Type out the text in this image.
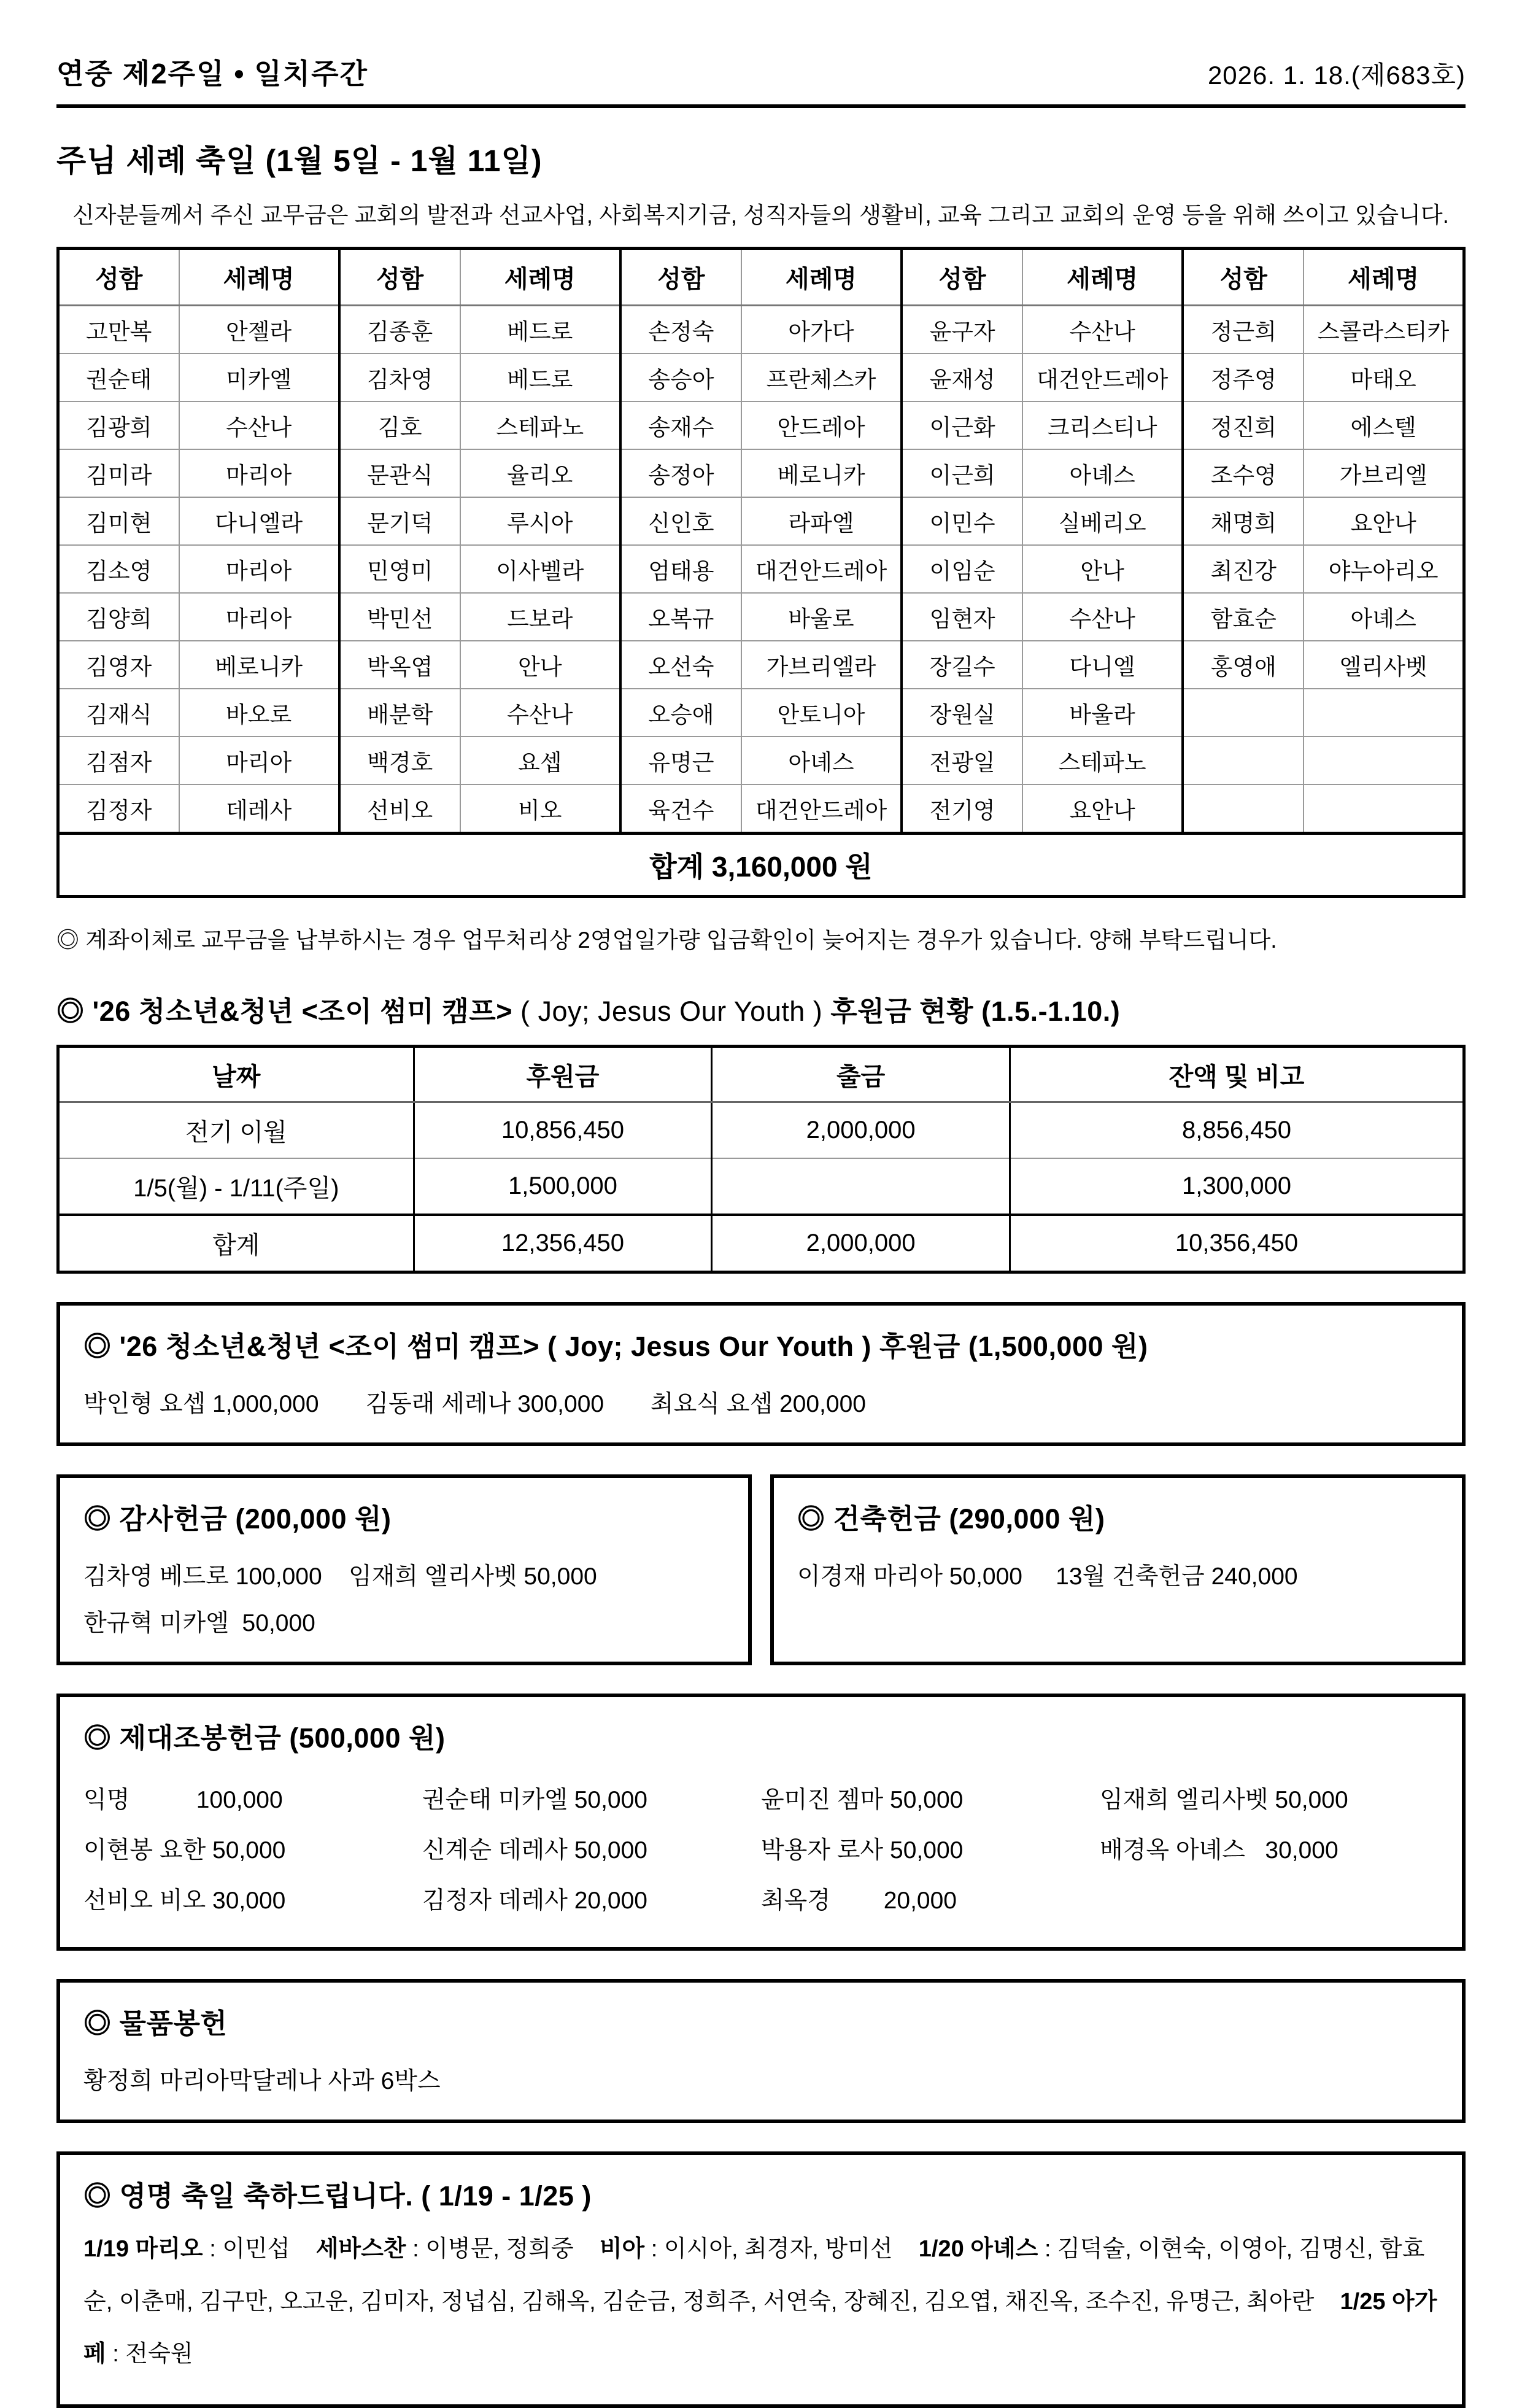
연중 제2주일 • 일치주간	2026. 1. 18.(제683호)
주님 세례 축일 (1월 5일 - 1월 11일)

신자분들께서 주신 교무금은 교회의 발전과 선교사업, 사회복지기금, 성직자들의 생활비, 교육 그리고 교회의 운영 등을 위해 쓰이고 있습니다.

성함	세례명	성함	세례명	성함	세례명	성함	세례명	성함	세례명
고만복	안젤라	김종훈	베드로	손정숙	아가다	윤구자	수산나	정근희	스콜라스티카
권순태	미카엘	김차영	베드로	송승아	프란체스카	윤재성	대건안드레아	정주영	마태오
김광희	수산나	김호	스테파노	송재수	안드레아	이근화	크리스티나	정진희	에스텔
김미라	마리아	문관식	율리오	송정아	베로니카	이근희	아녜스	조수영	가브리엘
김미현	다니엘라	문기덕	루시아	신인호	라파엘	이민수	실베리오	채명희	요안나
김소영	마리아	민영미	이사벨라	엄태용	대건안드레아	이임순	안나	최진강	야누아리오
김양희	마리아	박민선	드보라	오복규	바울로	임현자	수산나	함효순	아녜스
김영자	베로니카	박옥엽	안나	오선숙	가브리엘라	장길수	다니엘	홍영애	엘리사벳
김재식	바오로	배분학	수산나	오승애	안토니아	장원실	바울라		
김점자	마리아	백경호	요셉	유명근	아녜스	전광일	스테파노		
김정자	데레사	선비오	비오	육건수	대건안드레아	전기영	요안나		
합계 3,160,000 원									

◎ 계좌이체로 교무금을 납부하시는 경우 업무처리상 2영업일가량 입금확인이 늦어지는 경우가 있습니다. 양해 부탁드립니다.

◎ '26 청소년&청년 <조이 썸미 캠프> ( Joy; Jesus Our Youth ) 후원금 현황 (1.5.-1.10.)
날짜	후원금	출금	잔액 및 비고
전기 이월	10,856,450	2,000,000	8,856,450
1/5(월) - 1/11(주일)	1,500,000		1,300,000
합계	12,356,450	2,000,000	10,356,450
◎ '26 청소년&청년 <조이 썸미 캠프> ( Joy; Jesus Our Youth ) 후원금 (1,500,000 원)
박인형 요셉 1,000,000       김동래 세레나 300,000       최요식 요셉 200,000
◎ 감사헌금 (200,000 원)
김차영 베드로 100,000    임재희 엘리사벳 50,000
한규혁 미카엘  50,000
◎ 건축헌금 (290,000 원)
이경재 마리아 50,000     13월 건축헌금 240,000
◎ 제대조봉헌금 (500,000 원)
익명          100,000	권순태 미카엘 50,000	윤미진 젬마 50,000	임재희 엘리사벳 50,000
이현봉 요한 50,000	신계순 데레사 50,000	박용자 로사 50,000	배경옥 아녜스   30,000
선비오 비오 30,000	김정자 데레사 20,000	최옥경        20,000	
◎ 물품봉헌
황정희 마리아막달레나 사과 6박스
◎ 영명 축일 축하드립니다. ( 1/19 - 1/25 )
1/19 마리오 : 이민섭    세바스찬 : 이병문, 정희중    비아 : 이시아, 최경자, 방미선    1/20 아녜스 : 김덕술, 이현숙, 이영아, 김명신, 함효순, 이춘매, 김구만, 오고운, 김미자, 정넙심, 김해옥, 김순금, 정희주, 서연숙, 장혜진, 김오엽, 채진옥, 조수진, 유명근, 최아란    1/25 아가페 : 전숙원
